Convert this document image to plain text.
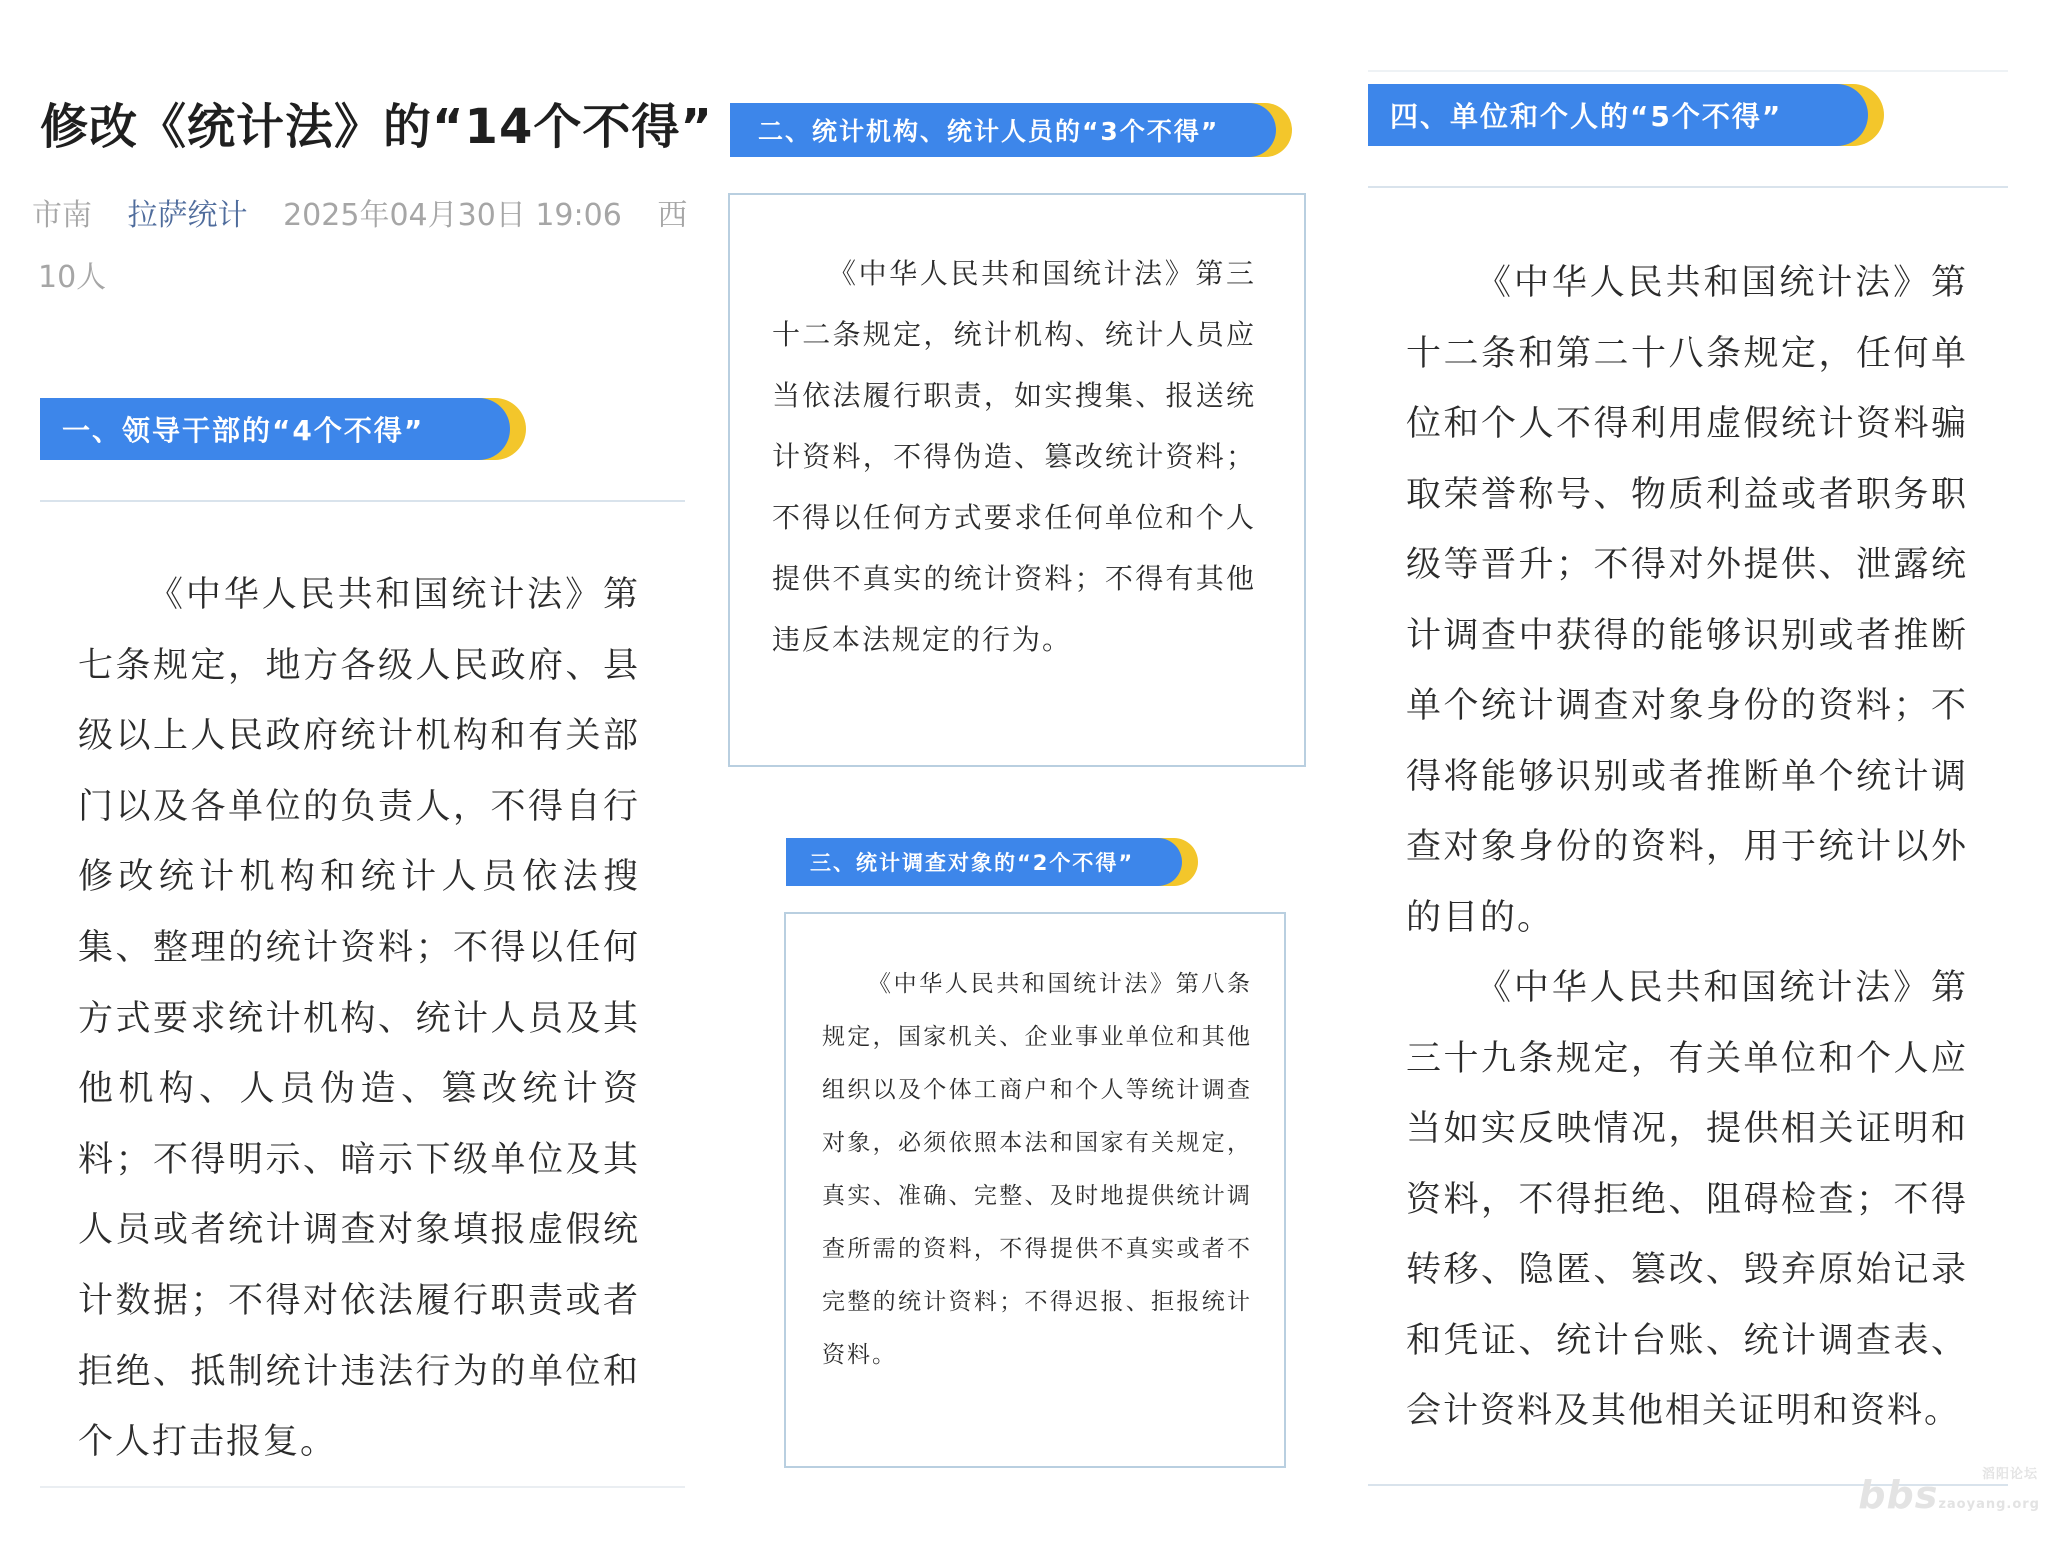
修改《统计法》的“14个不得”
市南 拉萨统计 2025年04月30日 19:06 西
10人
一、领导干部的“4个不得”

《中华人民共和国统计法》第七条规定，地方各级人民政府、县级以上人民政府统计机构和有关部门以及各单位的负责人，不得自行修改统计机构和统计人员依法搜集、整理的统计资料；不得以任何方式要求统计机构、统计人员及其他机构、人员伪造、篡改统计资料；不得明示、暗示下级单位及其人员或者统计调查对象填报虚假统计数据；不得对依法履行职责或者拒绝、抵制统计违法行为的单位和个人打击报复。

二、统计机构、统计人员的“3个不得”

《中华人民共和国统计法》第三十二条规定，统计机构、统计人员应当依法履行职责，如实搜集、报送统计资料，不得伪造、篡改统计资料；不得以任何方式要求任何单位和个人提供不真实的统计资料；不得有其他违反本法规定的行为。

三、统计调查对象的“2个不得”

《中华人民共和国统计法》第八条规定，国家机关、企业事业单位和其他组织以及个体工商户和个人等统计调查对象，必须依照本法和国家有关规定，真实、准确、完整、及时地提供统计调查所需的资料，不得提供不真实或者不完整的统计资料；不得迟报、拒报统计资料。

四、单位和个人的“5个不得”

《中华人民共和国统计法》第十二条和第二十八条规定，任何单位和个人不得利用虚假统计资料骗取荣誉称号、物质利益或者职务职级等晋升；不得对外提供、泄露统计调查中获得的能够识别或者推断单个统计调查对象身份的资料；不得将能够识别或者推断单个统计调查对象身份的资料，用于统计以外的目的。
《中华人民共和国统计法》第三十九条规定，有关单位和个人应当如实反映情况，提供相关证明和资料，不得拒绝、阻碍检查；不得转移、隐匿、篡改、毁弃原始记录和凭证、统计台账、统计调查表、会计资料及其他相关证明和资料。

滔阳论坛
bbszaoyang.org
